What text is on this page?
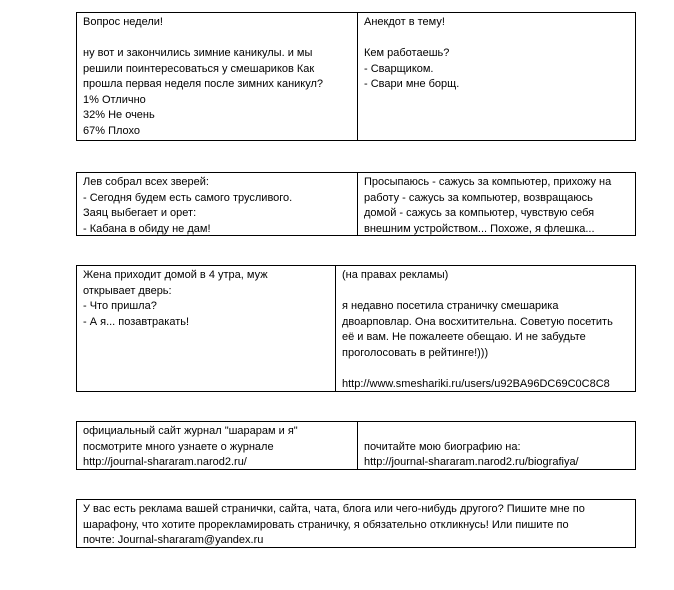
Вопрос недели!
ну вот и закончились зимние каникулы. и мы
решили поинтересоваться у смешариков Как
прошла первая неделя после зимних каникул?
1% Отлично
32% Не очень
67% Плохо
Анекдот в тему!
Кем работаешь?
- Сварщиком.
- Свари мне борщ.
Лев собрал всех зверей:
- Сегодня будем есть самого трусливого.
Заяц выбегает и орет:
- Кабана в обиду не дам!
Просыпаюсь - сажусь за компьютер, прихожу на
работу - сажусь за компьютер, возвращаюсь
домой - сажусь за компьютер, чувствую себя
внешним устройством... Похоже, я флешка...
Жена приходит домой в 4 утра, муж
открывает дверь:
- Что пришла?
- А я... позавтракать!
(на правах рекламы)
я недавно посетила страничку смешарика
двоарповлар. Она восхитительна. Советую посетить
её и вам. Не пожалеете обещаю. И не забудьте
проголосовать в рейтинге!)))
http://www.smeshariki.ru/users/u92BA96DC69C0C8C8
официальный сайт журнал "шарарам и я"
посмотрите много узнаете о журнале
http://journal-shararam.narod2.ru/
почитайте мою биографию на:
http://journal-shararam.narod2.ru/biografiya/
У вас есть реклама вашей странички, сайта, чата, блога или чего-нибудь другого? Пишите мне по
шарафону, что хотите прорекламировать страничку, я обязательно откликнусь! Или пишите по
почте: Journal-shararam@yandex.ru
